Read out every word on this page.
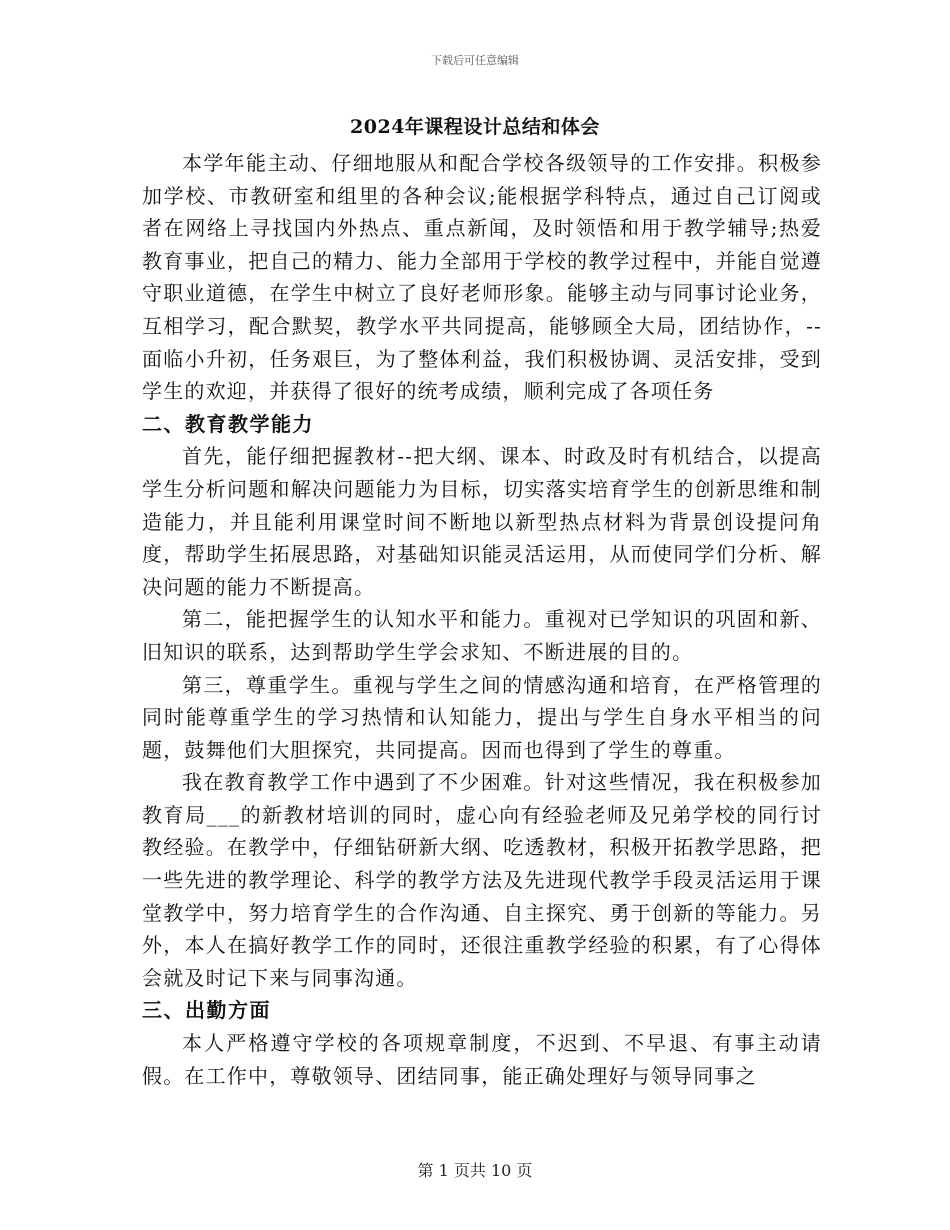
下载后可任意编辑
2024年课程设计总结和体会

本学年能主动、仔细地服从和配合学校各级领导的工作安排。积极参加学校、市教研室和组里的各种会议;能根据学科特点，通过自己订阅或者在网络上寻找国内外热点、重点新闻，及时领悟和用于教学辅导;热爱教育事业，把自己的精力、能力全部用于学校的教学过程中，并能自觉遵守职业道德，在学生中树立了良好老师形象。能够主动与同事讨论业务，互相学习，配合默契，教学水平共同提高，能够顾全大局，团结协作，--面临小升初，任务艰巨，为了整体利益，我们积极协调、灵活安排，受到学生的欢迎，并获得了很好的统考成绩，顺利完成了各项任务

二、教育教学能力

首先，能仔细把握教材--把大纲、课本、时政及时有机结合，以提高学生分析问题和解决问题能力为目标，切实落实培育学生的创新思维和制造能力，并且能利用课堂时间不断地以新型热点材料为背景创设提问角度，帮助学生拓展思路，对基础知识能灵活运用，从而使同学们分析、解决问题的能力不断提高。

第二，能把握学生的认知水平和能力。重视对已学知识的巩固和新、旧知识的联系，达到帮助学生学会求知、不断进展的目的。

第三，尊重学生。重视与学生之间的情感沟通和培育，在严格管理的同时能尊重学生的学习热情和认知能力，提出与学生自身水平相当的问题，鼓舞他们大胆探究，共同提高。因而也得到了学生的尊重。

我在教育教学工作中遇到了不少困难。针对这些情况，我在积极参加教育局___的新教材培训的同时，虚心向有经验老师及兄弟学校的同行讨教经验。在教学中，仔细钻研新大纲、吃透教材，积极开拓教学思路，把一些先进的教学理论、科学的教学方法及先进现代教学手段灵活运用于课堂教学中，努力培育学生的合作沟通、自主探究、勇于创新的等能力。另外，本人在搞好教学工作的同时，还很注重教学经验的积累，有了心得体会就及时记下来与同事沟通。

三、出勤方面

本人严格遵守学校的各项规章制度，不迟到、不早退、有事主动请假。在工作中，尊敬领导、团结同事，能正确处理好与领导同事之

第 1 页共 10 页
